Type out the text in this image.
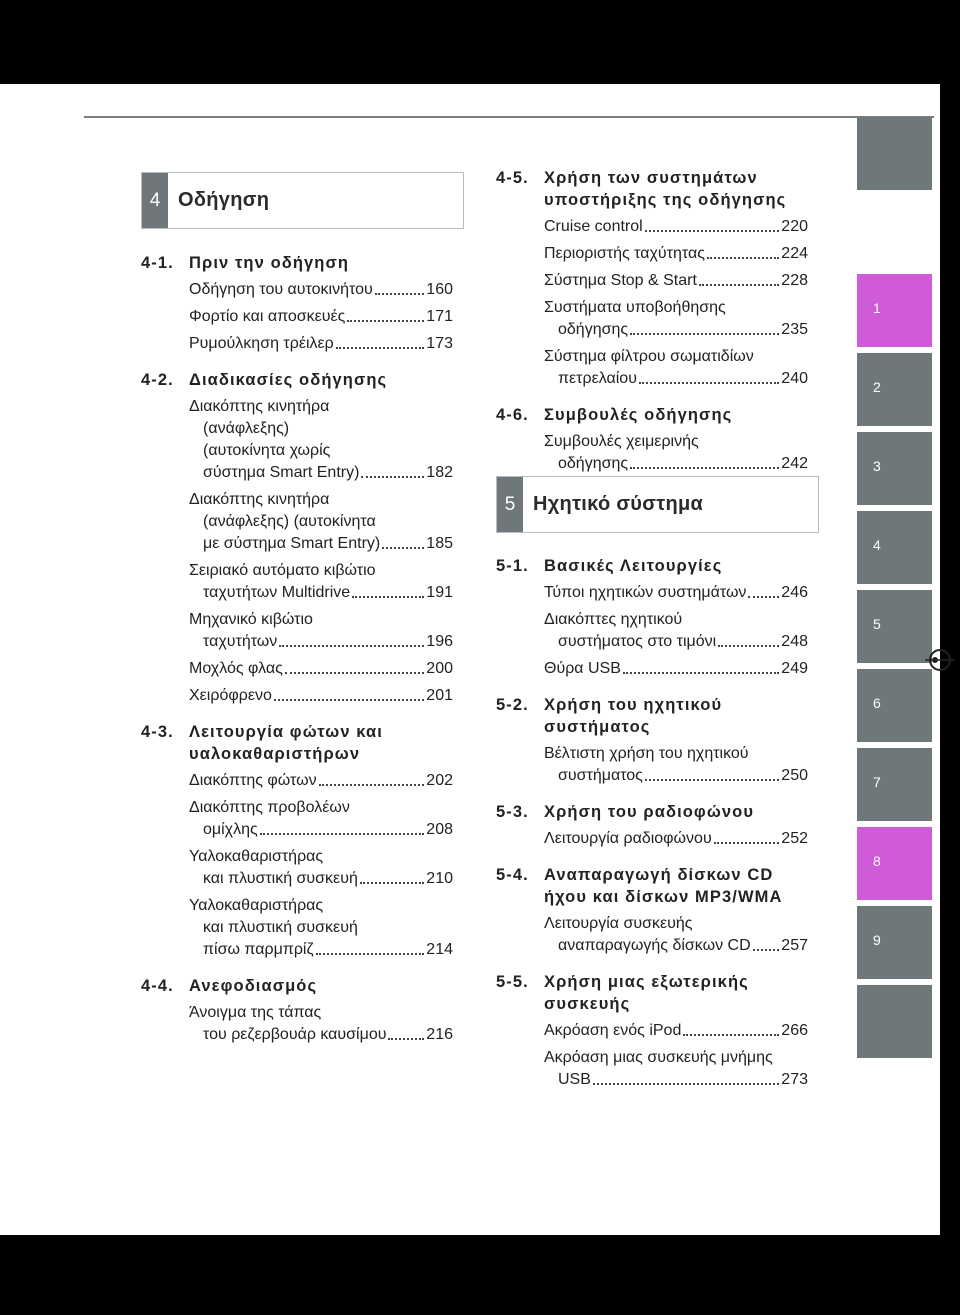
4 Οδήγηση
5 Ηχητικό σύστημα
4-1. Πριν την οδήγηση
Οδήγηση του αυτοκινήτου	160
Φορτίο και αποσκευές	171
Ρυμούλκηση τρέιλερ	173
4-2. Διαδικασίες οδήγησης
Διακόπτης κινητήρα
(ανάφλεξης)
(αυτοκίνητα χωρίς
σύστημα Smart Entry)	182
Διακόπτης κινητήρα
(ανάφλεξης) (αυτοκίνητα
με σύστημα Smart Entry)	185
Σειριακό αυτόματο κιβώτιο
ταχυτήτων Multidrive	191
Μηχανικό κιβώτιο
ταχυτήτων	196
Μοχλός φλας	200
Χειρόφρενο	201
4-3. Λειτουργία φώτων και υαλοκαθαριστήρων
Διακόπτης φώτων	202
Διακόπτης προβολέων
ομίχλης	208
Υαλοκαθαριστήρας
και πλυστική συσκευή	210
Υαλοκαθαριστήρας
και πλυστική συσκευή
πίσω παρμπρίζ	214
4-4. Ανεφοδιασμός
Άνοιγμα της τάπας
του ρεζερβουάρ καυσίμου 216
4-5. Χρήση των συστημάτων υποστήριξης της οδήγησης
Cruise control	220
Περιοριστής ταχύτητας	224
Σύστημα Stop & Start	228
Συστήματα υποβοήθησης
οδήγησης	235
Σύστημα φίλτρου σωματιδίων
πετρελαίου	240
4-6. Συμβουλές οδήγησης
Συμβουλές χειμερινής
οδήγησης	242
5-1. Βασικές Λειτουργίες
Τύποι ηχητικών συστημάτων 246
Διακόπτες ηχητικού
συστήματος στο τιμόνι	248
Θύρα USB	249
5-2. Χρήση του ηχητικού συστήματος
Βέλτιστη χρήση του ηχητικού
συστήματος	250
5-3. Χρήση του ραδιοφώνου
Λειτουργία ραδιοφώνου	252
5-4. Αναπαραγωγή δίσκων CD ήχου και δίσκων MP3/WMA
Λειτουργία συσκευής
αναπαραγωγής δίσκων CD 257
5-5. Χρήση μιας εξωτερικής συσκευής
Ακρόαση ενός iPod	266
Ακρόαση μιας συσκευής μνήμης
USB	273
1
2
3
4
5
6
7
8
9
